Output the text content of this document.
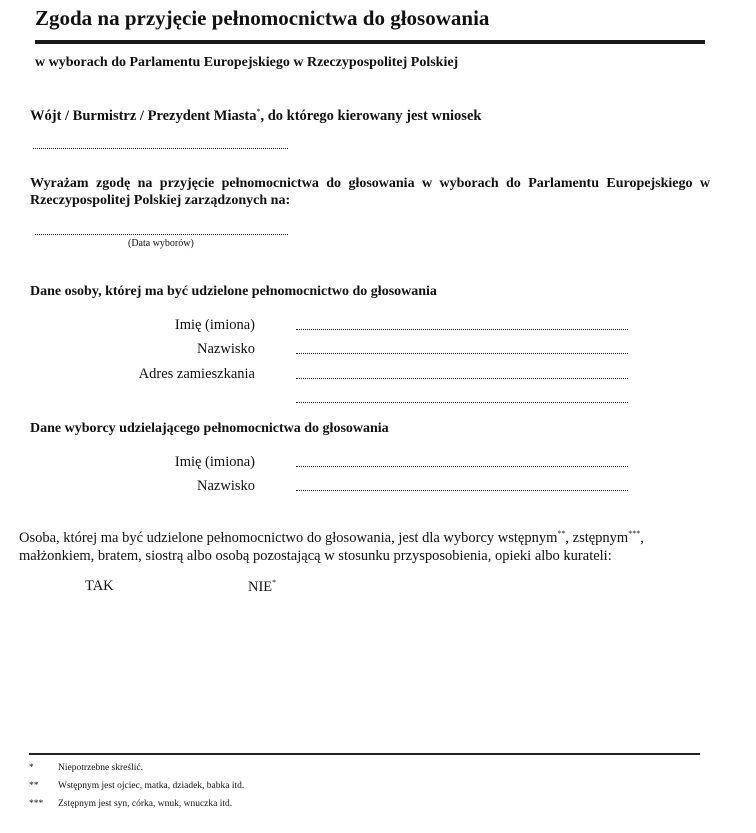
Zgoda na przyjęcie pełnomocnictwa do głosowania
w wyborach do Parlamentu Europejskiego w Rzeczypospolitej Polskiej
Wójt / Burmistrz / Prezydent Miasta*, do którego kierowany jest wniosek
Wyrażam zgodę na przyjęcie pełnomocnictwa do głosowania w wyborach do Parlamentu Europejskiego w Rzeczypospolitej Polskiej zarządzonych na:
(Data wyborów)
Dane osoby, której ma być udzielone pełnomocnictwo do głosowania
Imię (imiona)
Nazwisko
Adres zamieszkania
Dane wyborcy udzielającego pełnomocnictwa do głosowania
Imię (imiona)
Nazwisko
Osoba, której ma być udzielone pełnomocnictwo do głosowania, jest dla wyborcy wstępnym**, zstępnym***, małżonkiem, bratem, siostrą albo osobą pozostającą w stosunku przysposobienia, opieki albo kurateli:
TAK	NIE*
*	Niepotrzebne skreślić.
** Wstępnym jest ojciec, matka, dziadek, babka itd.
*** Zstępnym jest syn, córka, wnuk, wnuczka itd.
